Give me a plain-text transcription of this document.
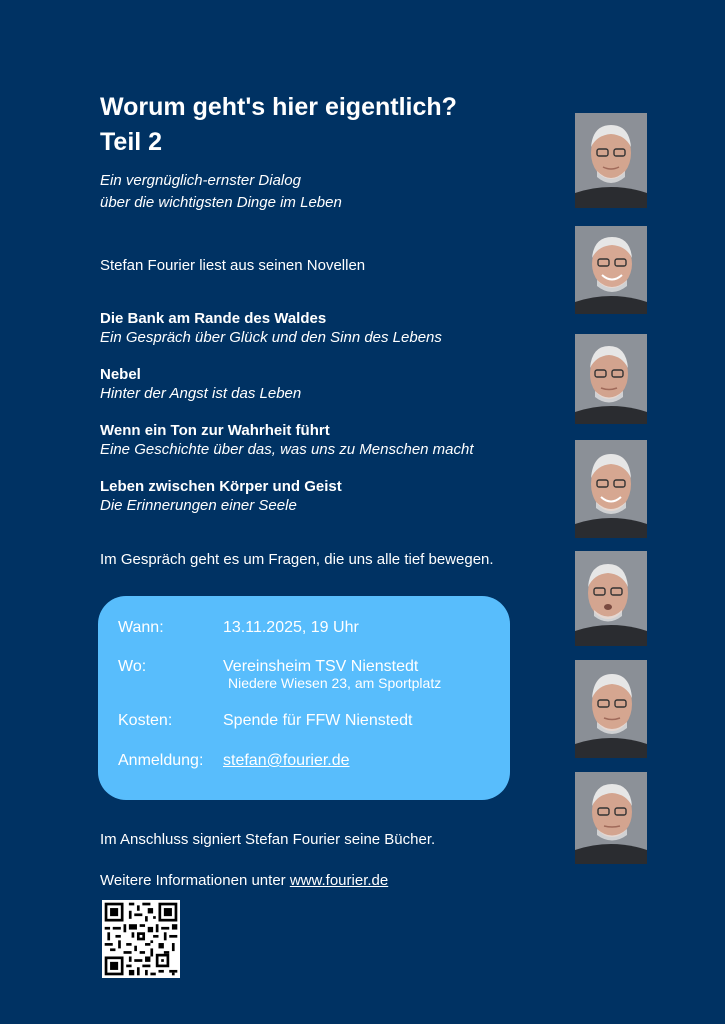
Worum geht's hier eigentlich?
Teil 2
Ein vergnüglich-ernster Dialog
über die wichtigsten Dinge im Leben
Stefan Fourier liest aus seinen Novellen
Die Bank am Rande des Waldes
Ein Gespräch über Glück und den Sinn des Lebens
Nebel
Hinter der Angst ist das Leben
Wenn ein Ton zur Wahrheit führt
Eine Geschichte über das, was uns zu Menschen macht
Leben zwischen Körper und Geist
Die Erinnerungen einer Seele
Im Gespräch geht es um Fragen, die uns alle tief bewegen.
Wann:	13.11.2025, 19 Uhr
Wo:	Vereinsheim TSV Nienstedt
Niedere Wiesen 23, am Sportplatz
Kosten:	Spende für FFW Nienstedt
Anmeldung: stefan@fourier.de
Im Anschluss signiert Stefan Fourier seine Bücher.
Weitere Informationen unter www.fourier.de
